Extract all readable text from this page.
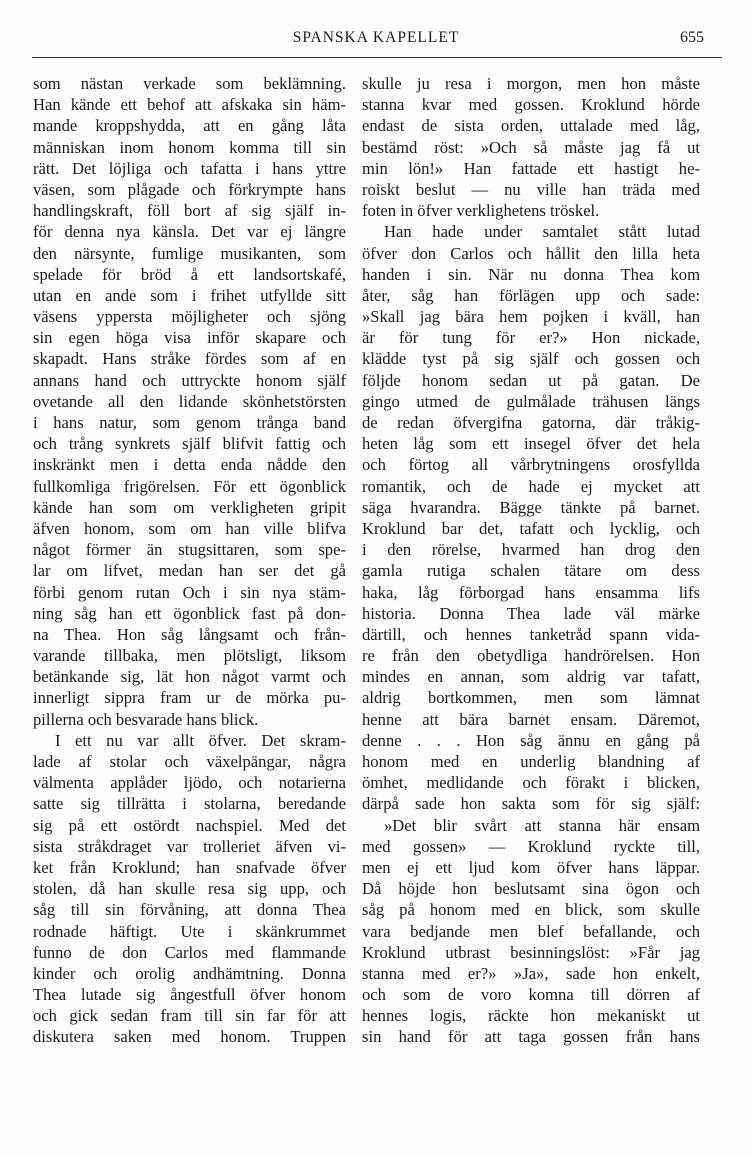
SPANSKA KAPELLET	655
som nästan verkade som beklämning.
Han kände ett behof att afskaka sin häm-
mande kroppshydda, att en gång låta
människan inom honom komma till sin
rätt. Det löjliga och tafatta i hans yttre
väsen, som plågade och förkrympte hans
handlingskraft, föll bort af sig själf in-
för denna nya känsla. Det var ej längre
den närsynte, fumlige musikanten, som
spelade för bröd å ett landsortskafé,
utan en ande som i frihet utfyllde sitt
väsens yppersta möjligheter och sjöng
sin egen höga visa inför skapare och
skapadt. Hans stråke fördes som af en
annans hand och uttryckte honom själf
ovetande all den lidande skönhetstörsten
i hans natur, som genom trånga band
och trång synkrets själf blifvit fattig och
inskränkt men i detta enda nådde den
fullkomliga frigörelsen. För ett ögonblick
kände han som om verkligheten gripit
äfven honom, som om han ville blifva
något förmer än stugsittaren, som spe-
lar om lifvet, medan han ser det gå
förbi genom rutan Och i sin nya stäm-
ning såg han ett ögonblick fast på don-
na Thea. Hon såg långsamt och från-
varande tillbaka, men plötsligt, liksom
betänkande sig, lät hon något varmt och
innerligt sippra fram ur de mörka pu-
pillerna och besvarade hans blick.
I ett nu var allt öfver. Det skram-
lade af stolar och växelpängar, några
välmenta applåder ljödo, och notarierna
satte sig tillrätta i stolarna, beredande
sig på ett ostördt nachspiel. Med det
sista stråkdraget var trolleriet äfven vi-
ket från Kroklund; han snafvade öfver
stolen, då han skulle resa sig upp, och
såg till sin förvåning, att donna Thea
rodnade häftigt. Ute i skänkrummet
funno de don Carlos med flammande
kinder och orolig andhämtning. Donna
Thea lutade sig ångestfull öfver honom
och gick sedan fram till sin far för att
diskutera saken med honom. Truppen
skulle ju resa i morgon, men hon måste
stanna kvar med gossen. Kroklund hörde
endast de sista orden, uttalade med låg,
bestämd röst: »Och så måste jag få ut
min lön!» Han fattade ett hastigt he-
roiskt beslut — nu ville han träda med
foten in öfver verklighetens tröskel.
Han hade under samtalet stått lutad
öfver don Carlos och hållit den lilla heta
handen i sin. När nu donna Thea kom
åter, såg han förlägen upp och sade:
»Skall jag bära hem pojken i kväll, han
är för tung för er?» Hon nickade,
klädde tyst på sig själf och gossen och
följde honom sedan ut på gatan. De
gingo utmed de gulmålade trähusen längs
de redan öfvergifna gatorna, där tråkig-
heten låg som ett insegel öfver det hela
och förtog all vårbrytningens orosfyllda
romantik, och de hade ej mycket att
säga hvarandra. Bägge tänkte på barnet.
Kroklund bar det, tafatt och lycklig, och
i den rörelse, hvarmed han drog den
gamla rutiga schalen tätare om dess
haka, låg förborgad hans ensamma lifs
historia. Donna Thea lade väl märke
därtill, och hennes tanketråd spann vida-
re från den obetydliga handrörelsen. Hon
mindes en annan, som aldrig var tafatt,
aldrig bortkommen, men som lämnat
henne att bära barnet ensam. Däremot,
denne . . . Hon såg ännu en gång på
honom med en underlig blandning af
ömhet, medlidande och förakt i blicken,
därpå sade hon sakta som för sig själf:
»Det blir svårt att stanna här ensam
med gossen» — Kroklund ryckte till,
men ej ett ljud kom öfver hans läppar.
Då höjde hon beslutsamt sina ögon och
såg på honom med en blick, som skulle
vara bedjande men blef befallande, och
Kroklund utbrast besinningslöst: »Får jag
stanna med er?» »Ja», sade hon enkelt,
och som de voro komna till dörren af
hennes logis, räckte hon mekaniskt ut
sin hand för att taga gossen från hans
